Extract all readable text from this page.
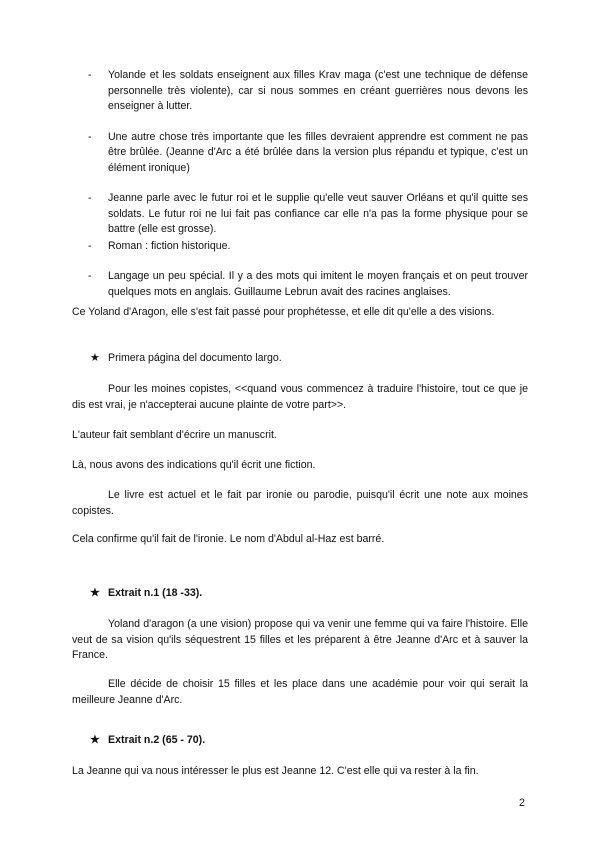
- Yolande et les soldats enseignent aux filles Krav maga (c'est une technique de défense personnelle très violente), car si nous sommes en créant guerrières nous devons les enseigner à lutter.
- Une autre chose très importante que les filles devraient apprendre est comment ne pas être brûlée. (Jeanne d'Arc a été brûlée dans la version plus répandu et typique, c'est un élément ironique)
- Jeanne parle avec le futur roi et le supplie qu'elle veut sauver Orléans et qu'il quitte ses soldats. Le futur roi ne lui fait pas confiance car elle n'a pas la forme physique pour se battre (elle est grosse).
- Roman : fiction historique.
- Langage un peu spécial. Il y a des mots qui imitent le moyen français et on peut trouver quelques mots en anglais. Guillaume Lebrun avait des racines anglaises.

Ce Yoland d'Aragon, elle s'est fait passé pour prophétesse, et elle dit qu'elle a des visions.

★ Primera página del documento largo.

Pour les moines copistes, <<quand vous commencez à traduire l'histoire, tout ce que je dis est vrai, je n'accepterai aucune plainte de votre part>>.

L'auteur fait semblant d'écrire un manuscrit.

Là, nous avons des indications qu'il écrit une fiction.

Le livre est actuel et le fait par ironie ou parodie, puisqu'il écrit une note aux moines copistes.

Cela confirme qu'il fait de l'ironie. Le nom d'Abdul al-Haz est barré.

★ Extrait n.1 (18 -33).

Yoland d'aragon (a une vision) propose qui va venir une femme qui va faire l'histoire. Elle veut de sa vision qu'ils séquestrent 15 filles et les préparent à être Jeanne d'Arc et à sauver la France.

Elle décide de choisir 15 filles et les place dans une académie pour voir qui serait la meilleure Jeanne d'Arc.

★ Extrait n.2 (65 - 70).

La Jeanne qui va nous intéresser le plus est Jeanne 12. C'est elle qui va rester à la fin.

2
